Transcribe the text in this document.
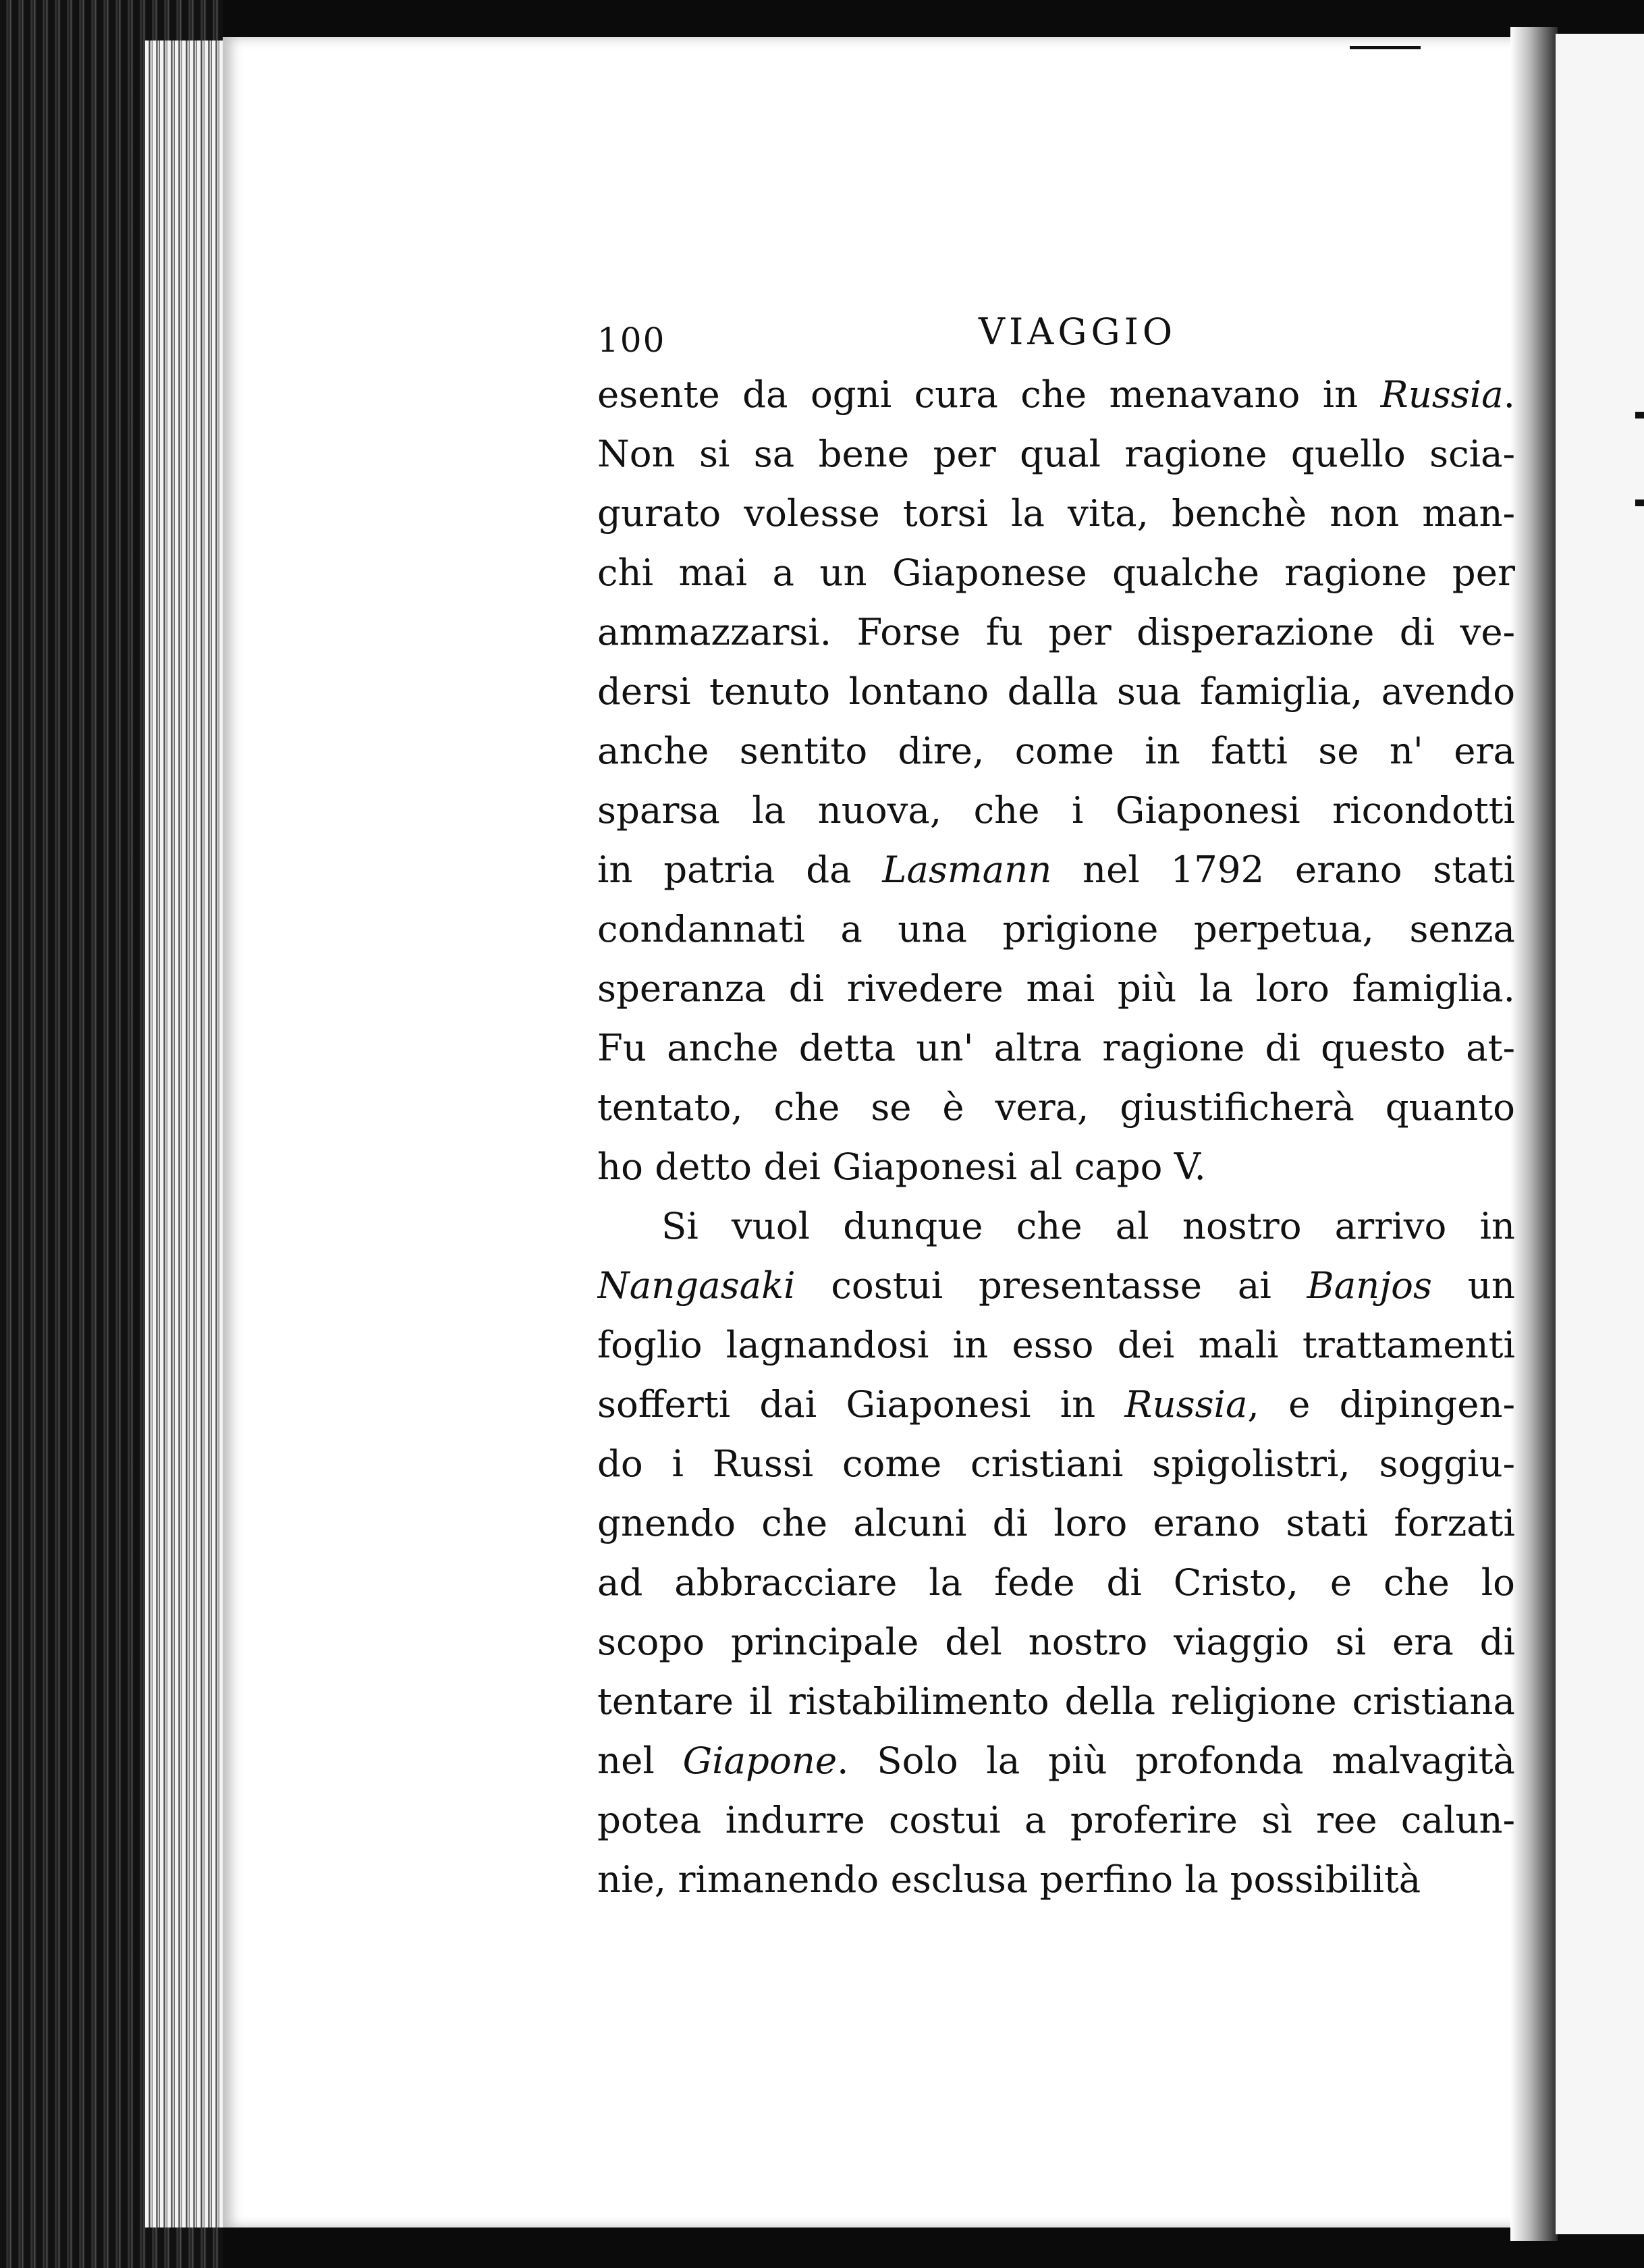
100	VIAGGIO
esente da ogni cura che menavano in Russia.
Non si sa bene per qual ragione quello scia-
gurato volesse torsi la vita, benchè non man-
chi mai a un Giaponese qualche ragione per
ammazzarsi. Forse fu per disperazione di ve-
dersi tenuto lontano dalla sua famiglia, avendo
anche sentito dire, come in fatti se n' era
sparsa la nuova, che i Giaponesi ricondotti
in patria da Lasmann nel 1792 erano stati
condannati a una prigione perpetua, senza
speranza di rivedere mai più la loro famiglia.
Fu anche detta un' altra ragione di questo at-
tentato, che se è vera, giustificherà quanto
ho detto dei Giaponesi al capo V.
Si vuol dunque che al nostro arrivo in
Nangasaki costui presentasse ai Banjos un
foglio lagnandosi in esso dei mali trattamenti
sofferti dai Giaponesi in Russia, e dipingen-
do i Russi come cristiani spigolistri, soggiu-
gnendo che alcuni di loro erano stati forzati
ad abbracciare la fede di Cristo, e che lo
scopo principale del nostro viaggio si era di
tentare il ristabilimento della religione cristiana
nel Giapone. Solo la più profonda malvagità
potea indurre costui a proferire sì ree calun-
nie, rimanendo esclusa perfino la possibilità
